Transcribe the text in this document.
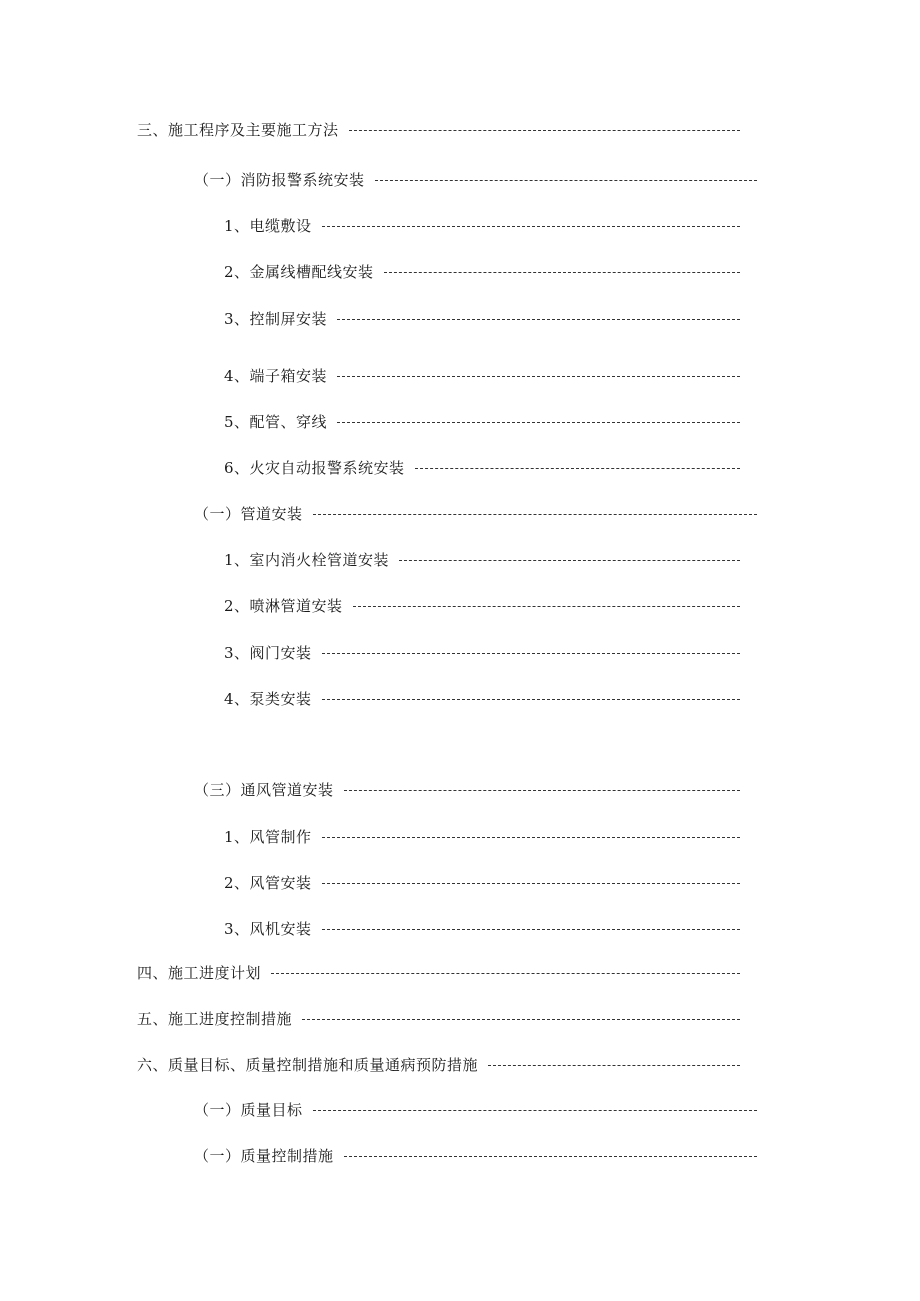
三、施工程序及主要施工方法
（一）消防报警系统安装
1、电缆敷设
2、金属线槽配线安装
3、控制屏安装
4、端子箱安装
5、配管、穿线
6、火灾自动报警系统安装
（一）管道安装
1、室内消火栓管道安装
2、喷淋管道安装
3、阀门安装
4、泵类安装
（三）通风管道安装
1、风管制作
2、风管安装
3、风机安装
四、施工进度计划
五、施工进度控制措施
六、质量目标、质量控制措施和质量通病预防措施
（一）质量目标
（一）质量控制措施
